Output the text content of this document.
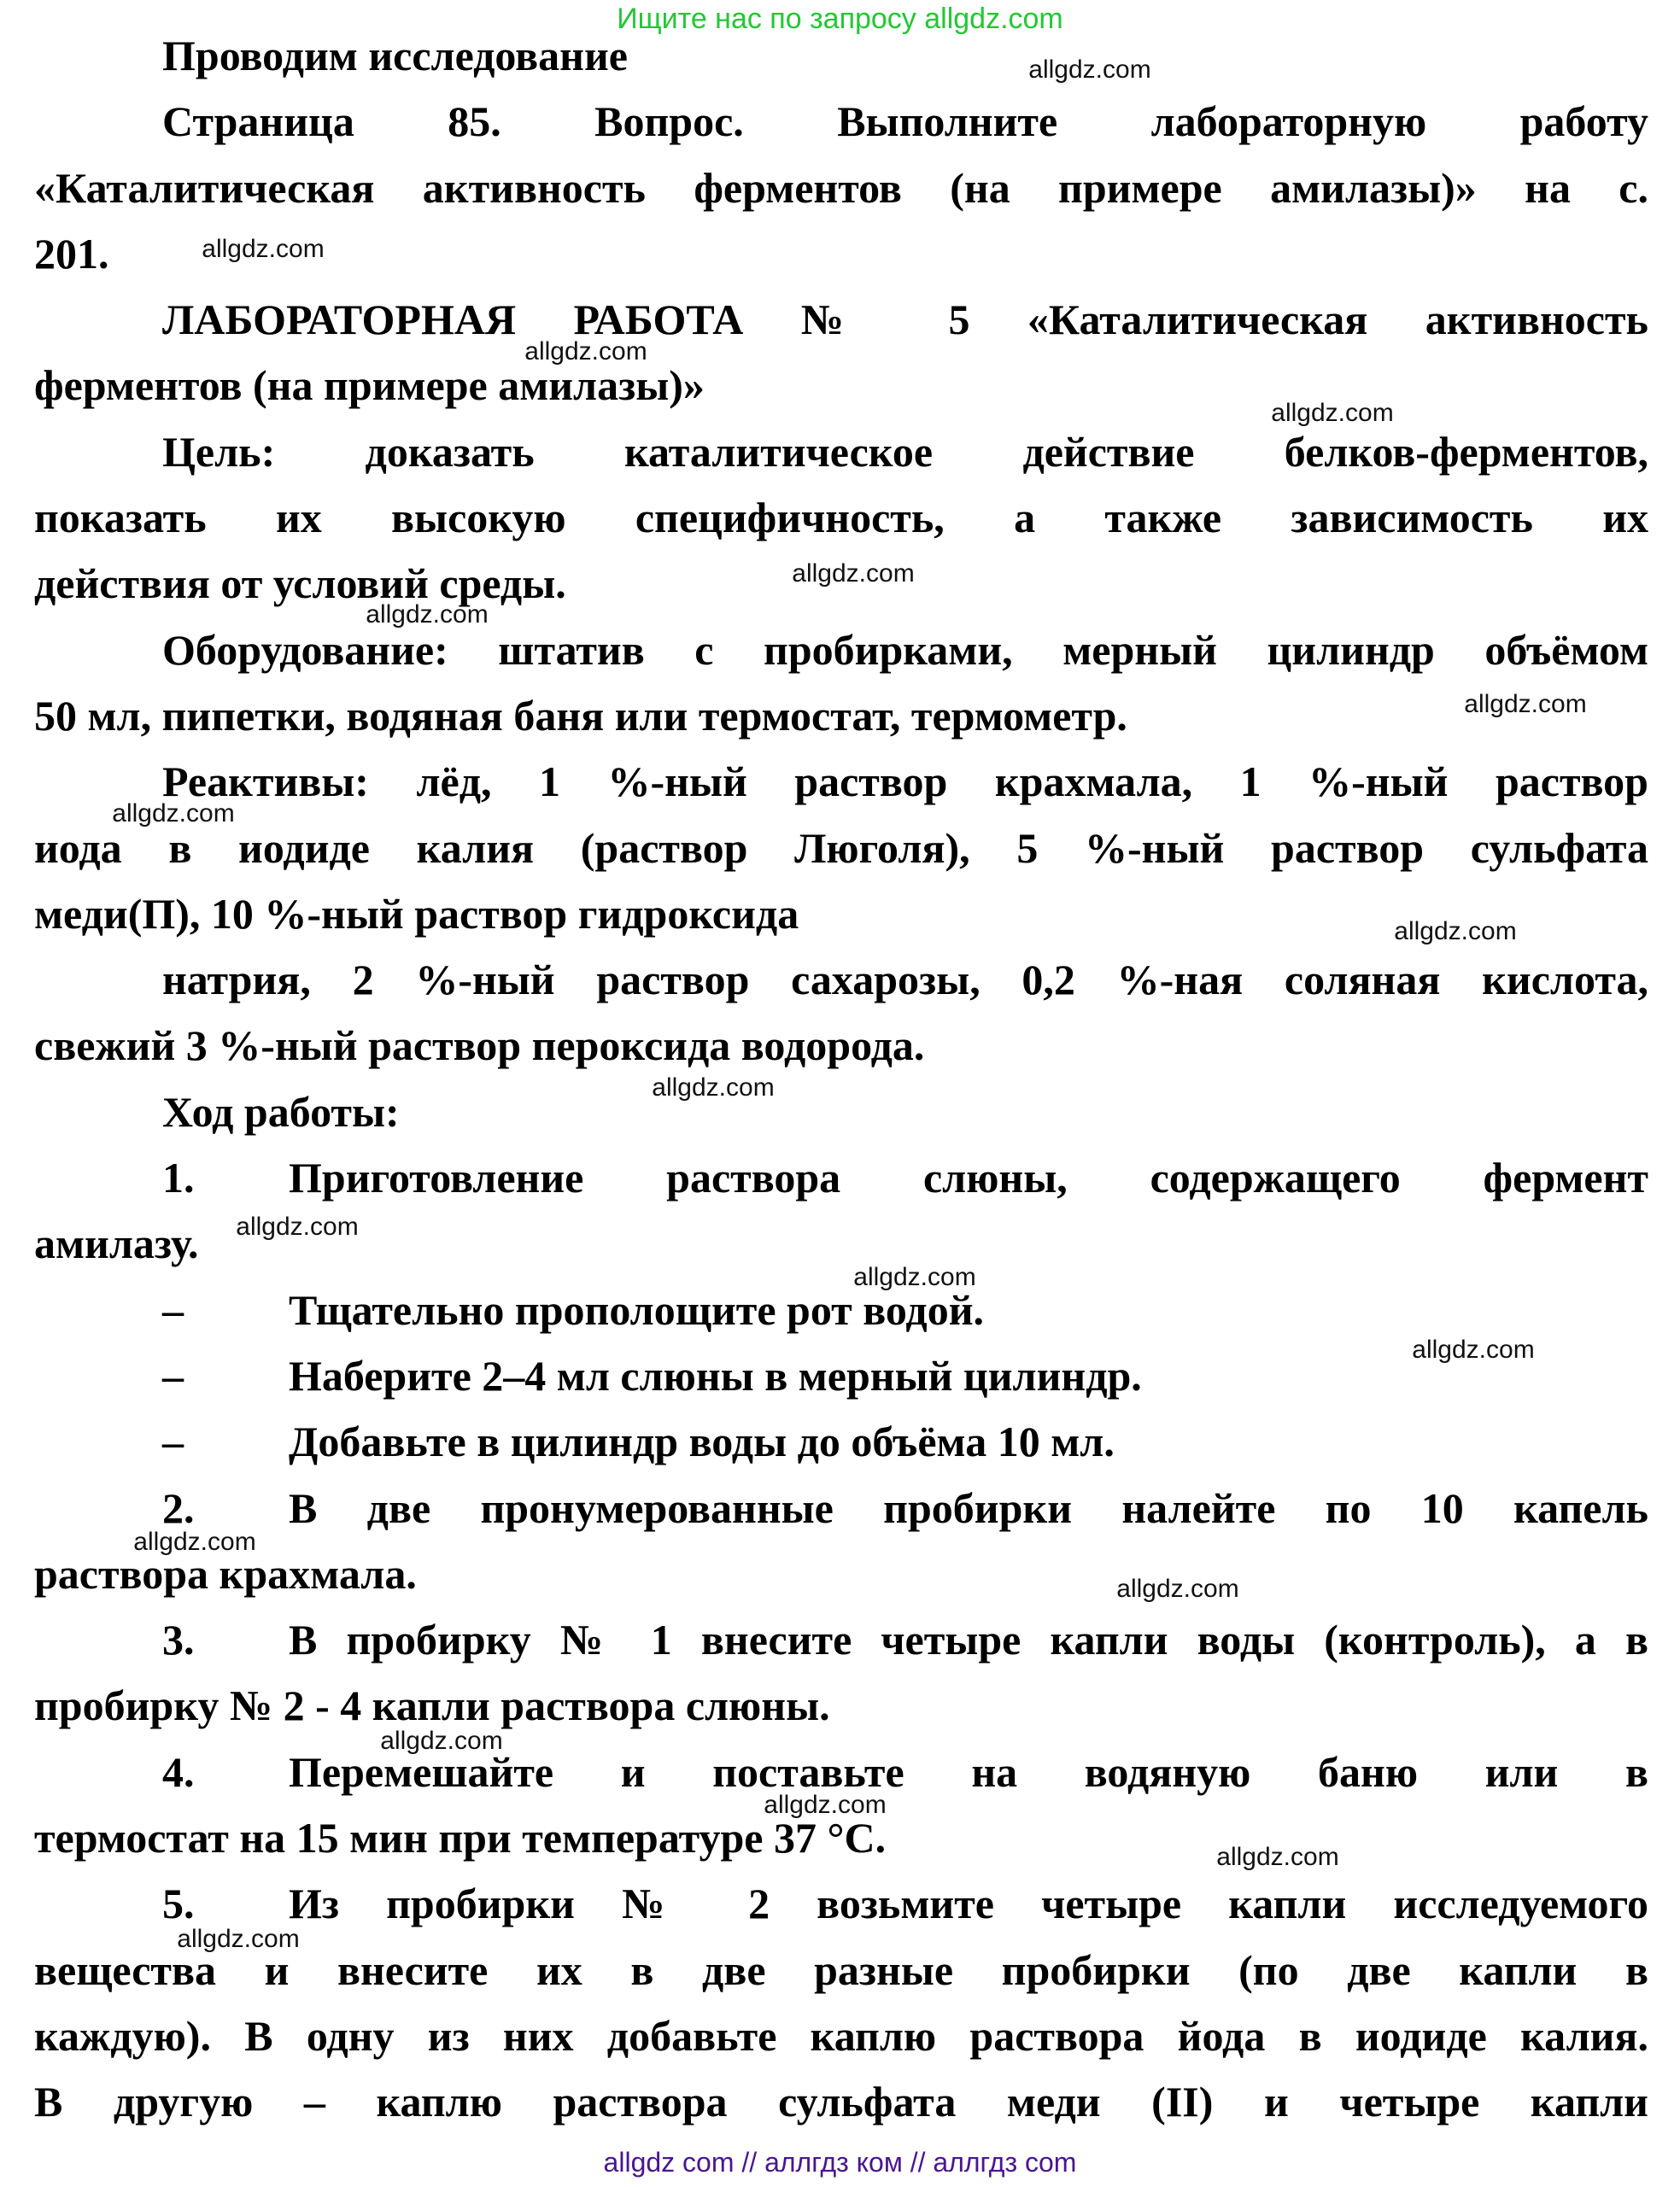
Ищите нас по запросу allgdz.com
Проводим исследование
Страница 85. Вопрос. Выполните лабораторную работу
«Каталитическая активность ферментов (на примере амилазы)» на с.
201.
ЛАБОРАТОРНАЯ РАБОТА № 5 «Каталитическая активность
ферментов (на примере амилазы)»
Цель: доказать каталитическое действие белков-ферментов,
показать их высокую специфичность, а также зависимость их
действия от условий среды.
Оборудование: штатив с пробирками, мерный цилиндр объёмом
50 мл, пипетки, водяная баня или термостат, термометр.
Реактивы: лёд, 1 %-ный раствор крахмала, 1 %-ный раствор
иода в иодиде калия (раствор Люголя), 5 %-ный раствор сульфата
меди(П), 10 %-ный раствор гидроксида
натрия, 2 %-ный раствор сахарозы, 0,2 %-ная соляная кислота,
свежий 3 %-ный раствор пероксида водорода.
Ход работы:
1. Приготовление раствора слюны, содержащего фермент
амилазу.
– Тщательно прополощите рот водой.
– Наберите 2–4 мл слюны в мерный цилиндр.
– Добавьте в цилиндр воды до объёма 10 мл.
2. В две пронумерованные пробирки налейте по 10 капель
раствора крахмала.
3. В пробирку № 1 внесите четыре капли воды (контроль), а в
пробирку № 2 - 4 капли раствора слюны.
4. Перемешайте и поставьте на водяную баню или в
термостат на 15 мин при температуре 37 °С.
5. Из пробирки № 2 возьмите четыре капли исследуемого
вещества и внесите их в две разные пробирки (по две капли в
каждую). В одну из них добавьте каплю раствора йода в иодиде калия.
В другую – каплю раствора сульфата меди (II) и четыре капли
allgdz.com
allgdz.com
allgdz.com
allgdz.com
allgdz.com
allgdz.com
allgdz.com
allgdz.com
allgdz.com
allgdz.com
allgdz.com
allgdz.com
allgdz.com
allgdz.com
allgdz.com
allgdz.com
allgdz.com
allgdz.com
allgdz.com
allgdz com // аллгдз ком // аллгдз com
